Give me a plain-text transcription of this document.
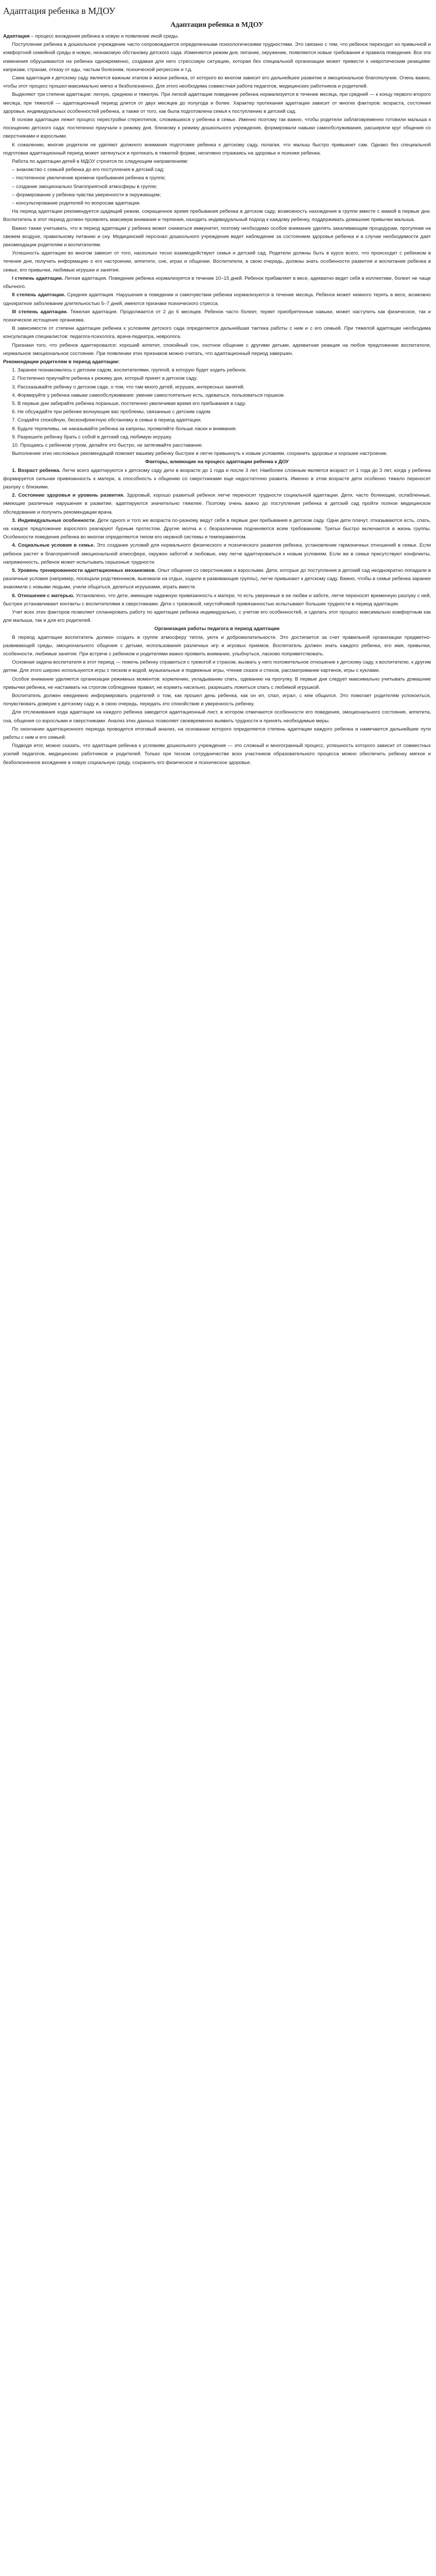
Адаптация ребенка в МДОУ
Адаптация ребенка в МДОУ

Адаптация – процесс вхождения ребенка в новую и появление иной среды.

Поступление ребенка в дошкольное учреждение часто сопровождается определенными психологическими трудностями. Это связано с тем, что ребенок переходит из привычной и комфортной семейной среды в новую, незнакомую обстановку детского сада. Изменяется режим дня, питание, окружение, появляются новые требования и правила поведения. Все эти изменения обрушиваются на ребенка одновременно, создавая для него стрессовую ситуацию, которая без специальной организации может привести к невротическим реакциям: капризам, страхам, отказу от еды, частым болезням, психической регрессии и т.д.

Сама адаптация к детскому саду является важным этапом в жизни ребенка, от которого во многом зависит его дальнейшее развитие и эмоциональное благополучие. Очень важно, чтобы этот процесс прошел максимально мягко и безболезненно. Для этого необходима совместная работа педагогов, медицинских работников и родителей.

Выделяют три степени адаптации: легкую, среднюю и тяжелую. При легкой адаптации поведение ребенка нормализуется в течение месяца, при средней — к концу первого-второго месяца, при тяжелой — адаптационный период длится от двух месяцев до полугода и более. Характер протекания адаптации зависит от многих факторов: возраста, состояния здоровья, индивидуальных особенностей ребенка, а также от того, как была подготовлена семья к поступлению в детский сад.

В основе адаптации лежит процесс перестройки стереотипов, сложившихся у ребенка в семье. Именно поэтому так важно, чтобы родители заблаговременно готовили малыша к посещению детского сада: постепенно приучали к режиму дня, близкому к режиму дошкольного учреждения, формировали навыки самообслуживания, расширяли круг общения со сверстниками и взрослыми.

К сожалению, многие родители не уделяют должного внимания подготовке ребенка к детскому саду, полагая, что малыш быстро привыкнет сам. Однако без специальной подготовки адаптационный период может затянуться и протекать в тяжелой форме, негативно отражаясь на здоровье и психике ребенка.

Работа по адаптации детей в МДОУ строится по следующим направлениям:

– знакомство с семьей ребенка до его поступления в детский сад;

– постепенное увеличение времени пребывания ребенка в группе;

– создание эмоционально благоприятной атмосферы в группе;

– формирование у ребенка чувства уверенности в окружающем;

– консультирование родителей по вопросам адаптации.

На период адаптации рекомендуется щадящий режим, сокращенное время пребывания ребенка в детском саду, возможность нахождения в группе вместе с мамой в первые дни. Воспитатель в этот период должен проявлять максимум внимания и терпения, находить индивидуальный подход к каждому ребенку, поддерживать домашние привычки малыша.

Важно также учитывать, что в период адаптации у ребенка может снижаться иммунитет, поэтому необходимо особое внимание уделять закаливающим процедурам, прогулкам на свежем воздухе, правильному питанию и сну. Медицинский персонал дошкольного учреждения ведет наблюдение за состоянием здоровья ребенка и в случае необходимости дает рекомендации родителям и воспитателям.

Успешность адаптации во многом зависит от того, насколько тесно взаимодействуют семья и детский сад. Родители должны быть в курсе всего, что происходит с ребенком в течение дня, получать информацию о его настроении, аппетите, сне, играх и общении. Воспитатели, в свою очередь, должны знать особенности развития и воспитания ребенка в семье, его привычки, любимые игрушки и занятия.

I степень адаптации. Легкая адаптация. Поведение ребенка нормализуется в течение 10–15 дней. Ребенок прибавляет в весе, адекватно ведет себя в коллективе, болеет не чаще обычного.

II степень адаптации. Средняя адаптация. Нарушения в поведении и самочувствии ребенка нормализуются в течение месяца. Ребенок может немного терять в весе, возможно однократное заболевание длительностью 5–7 дней, имеются признаки психического стресса.

III степень адаптации. Тяжелая адаптация. Продолжается от 2 до 6 месяцев. Ребенок часто болеет, теряет приобретенные навыки, может наступить как физическое, так и психическое истощение организма.

В зависимости от степени адаптации ребенка к условиям детского сада определяется дальнейшая тактика работы с ним и с его семьей. При тяжелой адаптации необходима консультация специалистов: педагога-психолога, врача-педиатра, невролога.

Признаки того, что ребенок адаптировался: хороший аппетит, спокойный сон, охотное общение с другими детьми, адекватная реакция на любое предложение воспитателя, нормальное эмоциональное состояние. При появлении этих признаков можно считать, что адаптационный период завершен.

Рекомендации родителям в период адаптации:

1. Заранее познакомьтесь с детским садом, воспитателями, группой, в которую будет ходить ребенок.

2. Постепенно приучайте ребенка к режиму дня, который принят в детском саду.

3. Рассказывайте ребенку о детском саде, о том, что там много детей, игрушек, интересных занятий.

4. Формируйте у ребенка навыки самообслуживания: умение самостоятельно есть, одеваться, пользоваться горшком.

5. В первые дни забирайте ребенка пораньше, постепенно увеличивая время его пребывания в саду.

6. Не обсуждайте при ребенке волнующие вас проблемы, связанные с детским садом.

7. Создайте спокойную, бесконфликтную обстановку в семье в период адаптации.

8. Будьте терпеливы, не наказывайте ребенка за капризы, проявляйте больше ласки и внимания.

9. Разрешите ребенку брать с собой в детский сад любимую игрушку.

10. Прощаясь с ребенком утром, делайте это быстро, не затягивайте расставание.

Выполнение этих несложных рекомендаций поможет вашему ребенку быстрее и легче привыкнуть к новым условиям, сохранить здоровье и хорошее настроение.

Факторы, влияющие на процесс адаптации ребенка к ДОУ

1. Возраст ребенка. Легче всего адаптируются к детскому саду дети в возрасте до 1 года и после 3 лет. Наиболее сложным является возраст от 1 года до 3 лет, когда у ребенка формируется сильная привязанность к матери, а способность к общению со сверстниками еще недостаточно развита. Именно в этом возрасте дети особенно тяжело переносят разлуку с близкими.

2. Состояние здоровья и уровень развития. Здоровый, хорошо развитый ребенок легче переносит трудности социальной адаптации. Дети, часто болеющие, ослабленные, имеющие различные нарушения в развитии, адаптируются значительно тяжелее. Поэтому очень важно до поступления ребенка в детский сад пройти полное медицинское обследование и получить рекомендации врача.

3. Индивидуальные особенности. Дети одного и того же возраста по-разному ведут себя в первые дни пребывания в детском саду. Одни дети плачут, отказываются есть, спать, на каждое предложение взрослого реагируют бурным протестом. Другие молча и с безразличием подчиняются всем требованиям. Третьи быстро включаются в жизнь группы. Особенности поведения ребенка во многом определяются типом его нервной системы и темпераментом.

4. Социальные условия в семье. Это создание условий для нормального физического и психического развития ребенка, установление гармоничных отношений в семье. Если ребенок растет в благоприятной эмоциональной атмосфере, окружен заботой и любовью, ему легче адаптироваться к новым условиям. Если же в семье присутствуют конфликты, напряженность, ребенок может испытывать серьезные трудности.

5. Уровень тренированности адаптационных механизмов. Опыт общения со сверстниками и взрослыми. Дети, которые до поступления в детский сад неоднократно попадали в различные условия (например, посещали родственников, выезжали на отдых, ходили в развивающие группы), легче привыкают к детскому саду. Важно, чтобы в семье ребенка заранее знакомили с новыми людьми, учили общаться, делиться игрушками, играть вместе.

6. Отношения с матерью. Установлено, что дети, имеющие надежную привязанность к матери, то есть уверенные в ее любви и заботе, легче переносят временную разлуку с ней, быстрее устанавливают контакты с воспитателями и сверстниками. Дети с тревожной, неустойчивой привязанностью испытывают большие трудности в период адаптации.

Учет всех этих факторов позволяет спланировать работу по адаптации ребенка индивидуально, с учетом его особенностей, и сделать этот процесс максимально комфортным как для малыша, так и для его родителей.

Организация работы педагога в период адаптации

В период адаптации воспитатель должен создать в группе атмосферу тепла, уюта и доброжелательности. Это достигается за счет правильной организации предметно-развивающей среды, эмоционального общения с детьми, использования различных игр и игровых приемов. Воспитатель должен знать каждого ребенка, его имя, привычки, особенности, любимые занятия. При встрече с ребенком и родителями важно проявить внимание, улыбнуться, ласково поприветствовать.

Основная задача воспитателя в этот период — помочь ребенку справиться с тревогой и страхом, вызвать у него положительное отношение к детскому саду, к воспитателю, к другим детям. Для этого широко используются игры с песком и водой, музыкальные и подвижные игры, чтение сказок и стихов, рассматривание картинок, игры с куклами.

Особое внимание уделяется организации режимных моментов: кормлению, укладыванию спать, одеванию на прогулку. В первые дни следует максимально учитывать домашние привычки ребенка, не настаивать на строгом соблюдении правил, не кормить насильно, разрешать ложиться спать с любимой игрушкой.

Воспитатель должен ежедневно информировать родителей о том, как прошел день ребенка, как он ел, спал, играл, с кем общался. Это помогает родителям успокоиться, почувствовать доверие к детскому саду и, в свою очередь, передать это спокойствие и уверенность ребенку.

Для отслеживания хода адаптации на каждого ребенка заводится адаптационный лист, в котором отмечаются особенности его поведения, эмоционального состояния, аппетита, сна, общения со взрослыми и сверстниками. Анализ этих данных позволяет своевременно выявить трудности и принять необходимые меры.

По окончании адаптационного периода проводится итоговый анализ, на основании которого определяется степень адаптации каждого ребенка и намечаются дальнейшие пути работы с ним и его семьей.

Подводя итог, можно сказать, что адаптация ребенка к условиям дошкольного учреждения — это сложный и многогранный процесс, успешность которого зависит от совместных усилий педагогов, медицинских работников и родителей. Только при тесном сотрудничестве всех участников образовательного процесса можно обеспечить ребенку мягкое и безболезненное вхождение в новую социальную среду, сохранить его физическое и психическое здоровье.
